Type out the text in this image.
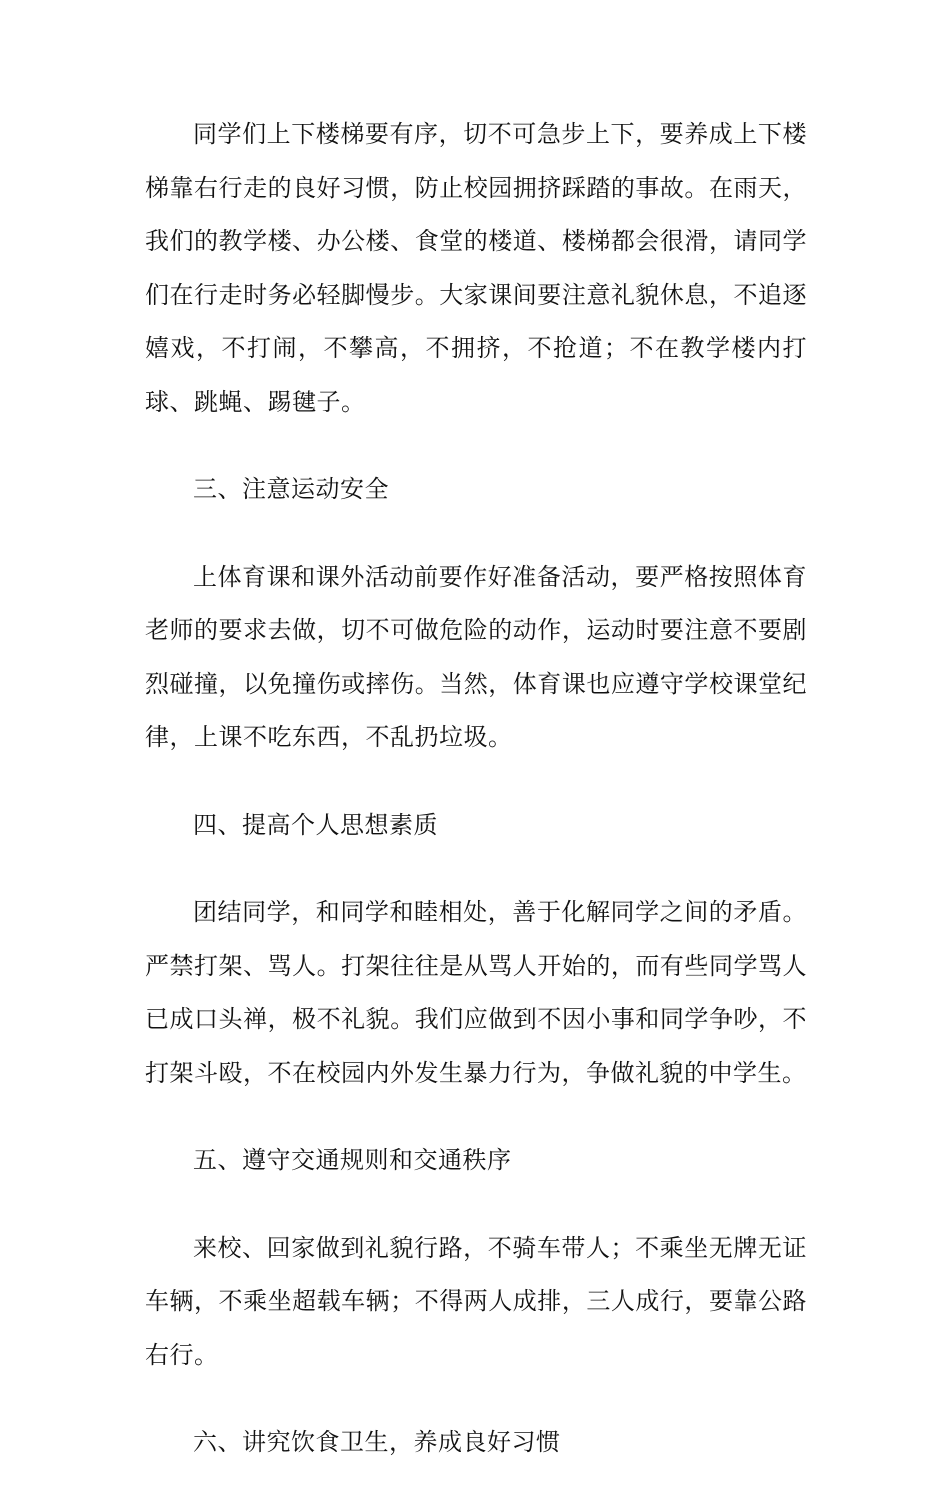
同学们上下楼梯要有序，切不可急步上下，要养成上下楼梯靠右行走的良好习惯，防止校园拥挤踩踏的事故。在雨天，我们的教学楼、办公楼、食堂的楼道、楼梯都会很滑，请同学们在行走时务必轻脚慢步。大家课间要注意礼貌休息，不追逐嬉戏，不打闹，不攀高，不拥挤，不抢道；不在教学楼内打球、跳蝇、踢毽子。

三、注意运动安全

上体育课和课外活动前要作好准备活动，要严格按照体育老师的要求去做，切不可做危险的动作，运动时要注意不要剧烈碰撞，以免撞伤或摔伤。当然，体育课也应遵守学校课堂纪律，上课不吃东西，不乱扔垃圾。

四、提高个人思想素质

团结同学，和同学和睦相处，善于化解同学之间的矛盾。严禁打架、骂人。打架往往是从骂人开始的，而有些同学骂人已成口头禅，极不礼貌。我们应做到不因小事和同学争吵，不打架斗殴，不在校园内外发生暴力行为，争做礼貌的中学生。

五、遵守交通规则和交通秩序

来校、回家做到礼貌行路，不骑车带人；不乘坐无牌无证车辆，不乘坐超载车辆；不得两人成排，三人成行，要靠公路右行。

六、讲究饮食卫生，养成良好习惯
